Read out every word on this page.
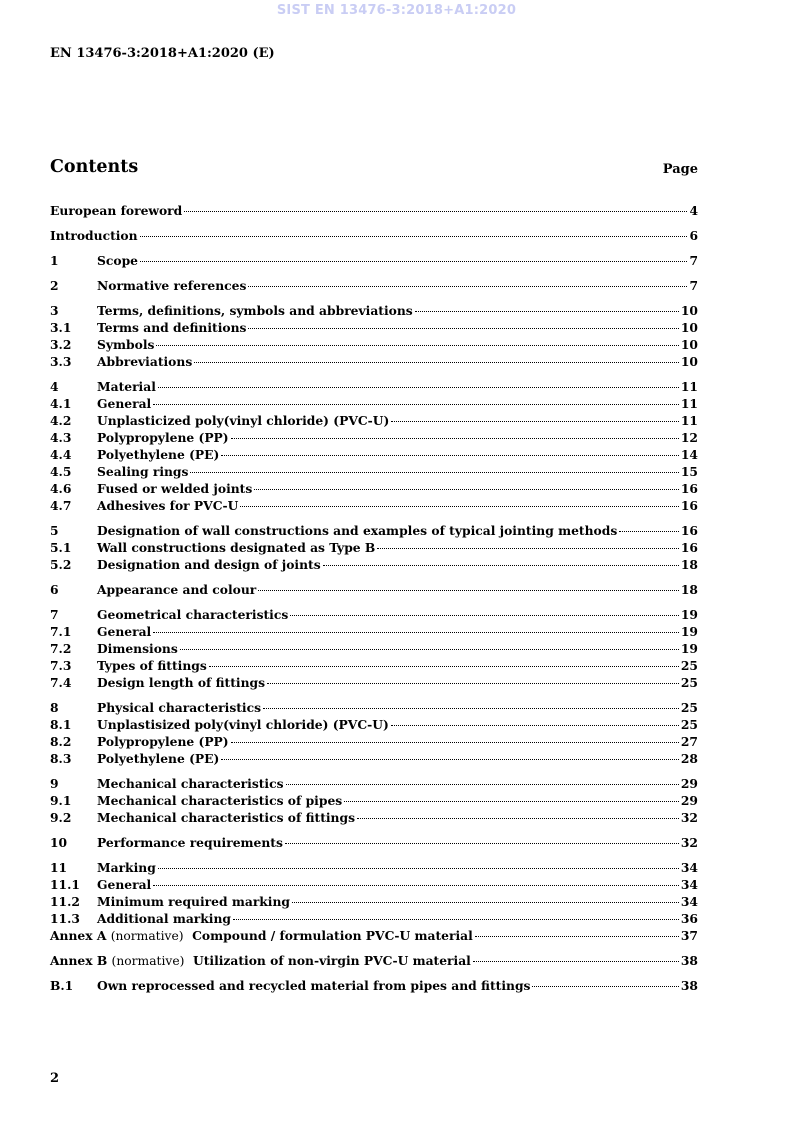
SIST EN 13476-3:2018+A1:2020
EN 13476-3:2018+A1:2020 (E)
Contents	Page
European foreword	4
Introduction	6
1	Scope	7
2	Normative references	7
3	Terms, definitions, symbols and abbreviations	10
3.1	Terms and definitions	10
3.2	Symbols	10
3.3	Abbreviations	10
4	Material	11
4.1	General	11
4.2	Unplasticized poly(vinyl chloride) (PVC-U)	11
4.3	Polypropylene (PP)	12
4.4	Polyethylene (PE)	14
4.5	Sealing rings	15
4.6	Fused or welded joints	16
4.7	Adhesives for PVC-U	16
5	Designation of wall constructions and examples of typical jointing methods	16
5.1	Wall constructions designated as Type B	16
5.2	Designation and design of joints	18
6	Appearance and colour	18
7	Geometrical characteristics	19
7.1	General	19
7.2	Dimensions	19
7.3	Types of fittings	25
7.4	Design length of fittings	25
8	Physical characteristics	25
8.1	Unplastisized poly(vinyl chloride) (PVC-U)	25
8.2	Polypropylene (PP)	27
8.3	Polyethylene (PE)	28
9	Mechanical characteristics	29
9.1	Mechanical characteristics of pipes	29
9.2	Mechanical characteristics of fittings	32
10	Performance requirements	32
11	Marking	34
11.1	General	34
11.2	Minimum required marking	34
11.3	Additional marking	36
Annex A (normative) Compound / formulation PVC-U material	37
Annex B (normative) Utilization of non-virgin PVC-U material	38
B.1	Own reprocessed and recycled material from pipes and fittings	38
2
